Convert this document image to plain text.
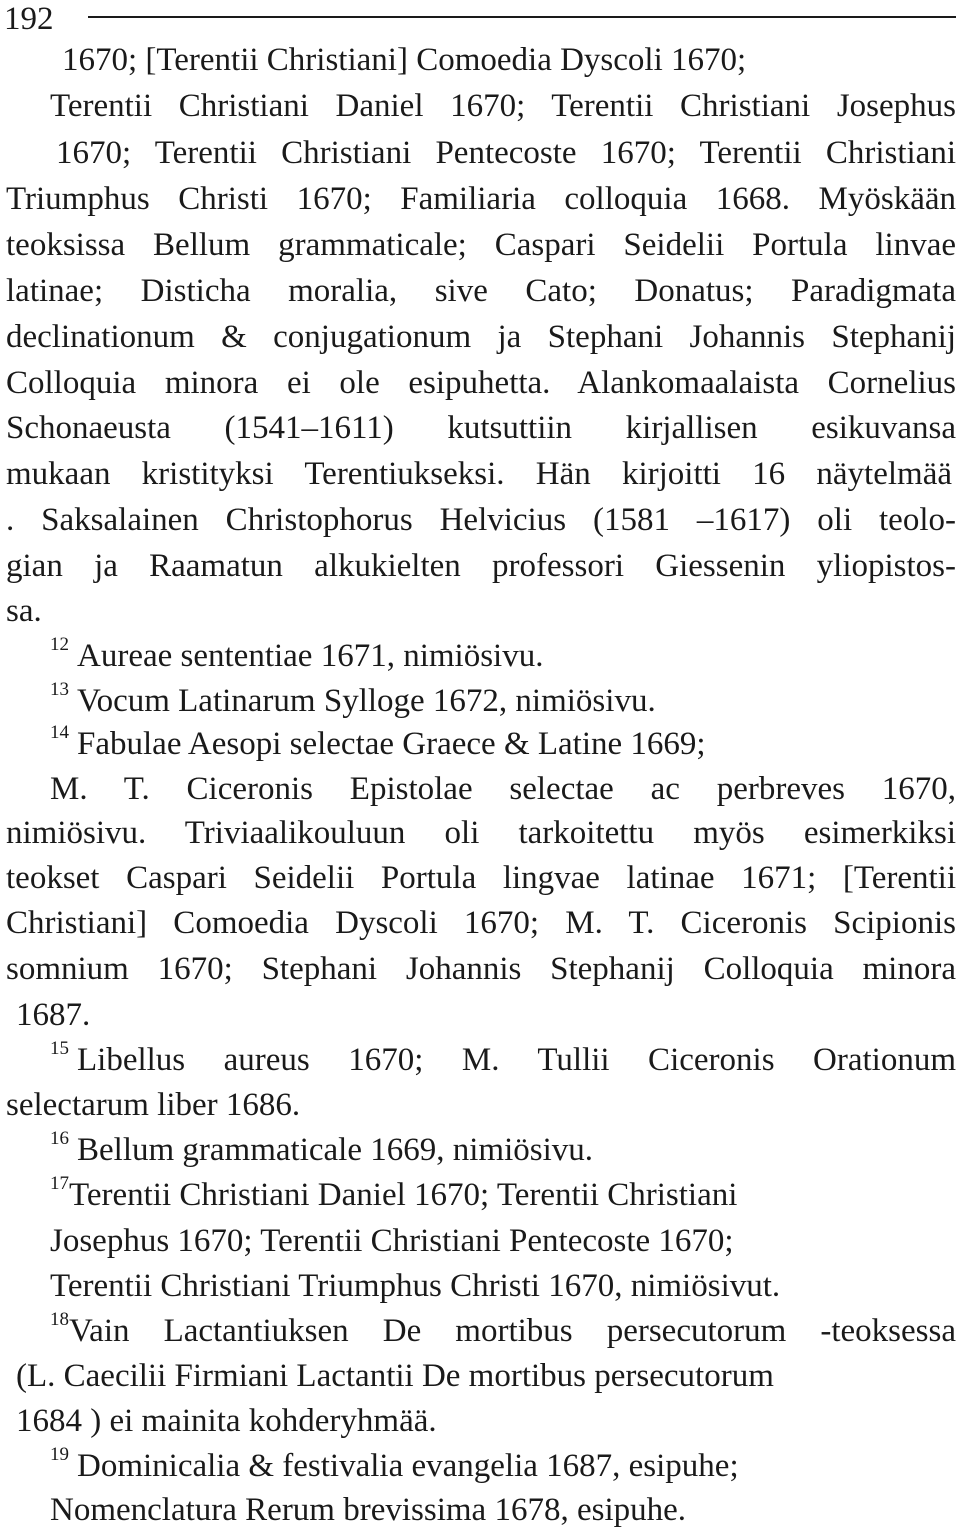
192
1670; [Terentii Christiani] Comoedia Dyscoli 1670;
Terentii Christiani Daniel 1670; Terentii Christiani Josephus
1670; Terentii Christiani Pentecoste 1670; Terentii Christiani
Triumphus Christi 1670; Familiaria colloquia 1668. Myöskään
teoksissa Bellum grammaticale; Caspari Seidelii Portula linvae
latinae; Disticha moralia, sive Cato; Donatus; Paradigmata
declinationum & conjugationum ja Stephani Johannis Stephanij
Colloquia minora ei ole esipuhetta. Alankomaalaista Cornelius
Schonaeusta (1541–1611) kutsuttiin kirjallisen esikuvansa
mukaan kristityksi Terentiukseksi. Hän kirjoitti 16 näytelmää
. Saksalainen Christophorus Helvicius (1581 –1617) oli teolo-
gian ja Raamatun alkukielten professori Giessenin yliopistos-
sa.
$^{12}$ Aureae sententiae 1671, nimiösivu.
$^{13}$ Vocum Latinarum Sylloge 1672, nimiösivu.
$^{14}$ Fabulae Aesopi selectae Graece & Latine 1669;
M. T. Ciceronis Epistolae selectae ac perbreves 1670,
nimiösivu. Triviaalikouluun oli tarkoitettu myös esimerkiksi
teokset Caspari Seidelii Portula lingvae latinae 1671; [Terentii
Christiani] Comoedia Dyscoli 1670; M. T. Ciceronis Scipionis
somnium 1670; Stephani Johannis Stephanij Colloquia minora
1687.
$^{15}$ Libellus aureus 1670; M. Tullii Ciceronis Orationum
selectarum liber 1686.
$^{16}$ Bellum grammaticale 1669, nimiösivu.
$^{17}$Terentii Christiani Daniel 1670; Terentii Christiani
Josephus 1670; Terentii Christiani Pentecoste 1670;
Terentii Christiani Triumphus Christi 1670, nimiösivut.
$^{18}$Vain Lactantiuksen De mortibus persecutorum -teoksessa
(L. Caecilii Firmiani Lactantii De mortibus persecutorum
1684 ) ei mainita kohderyhmää.
$^{19}$ Dominicalia & festivalia evangelia 1687, esipuhe;
Nomenclatura Rerum brevissima 1678, esipuhe.
